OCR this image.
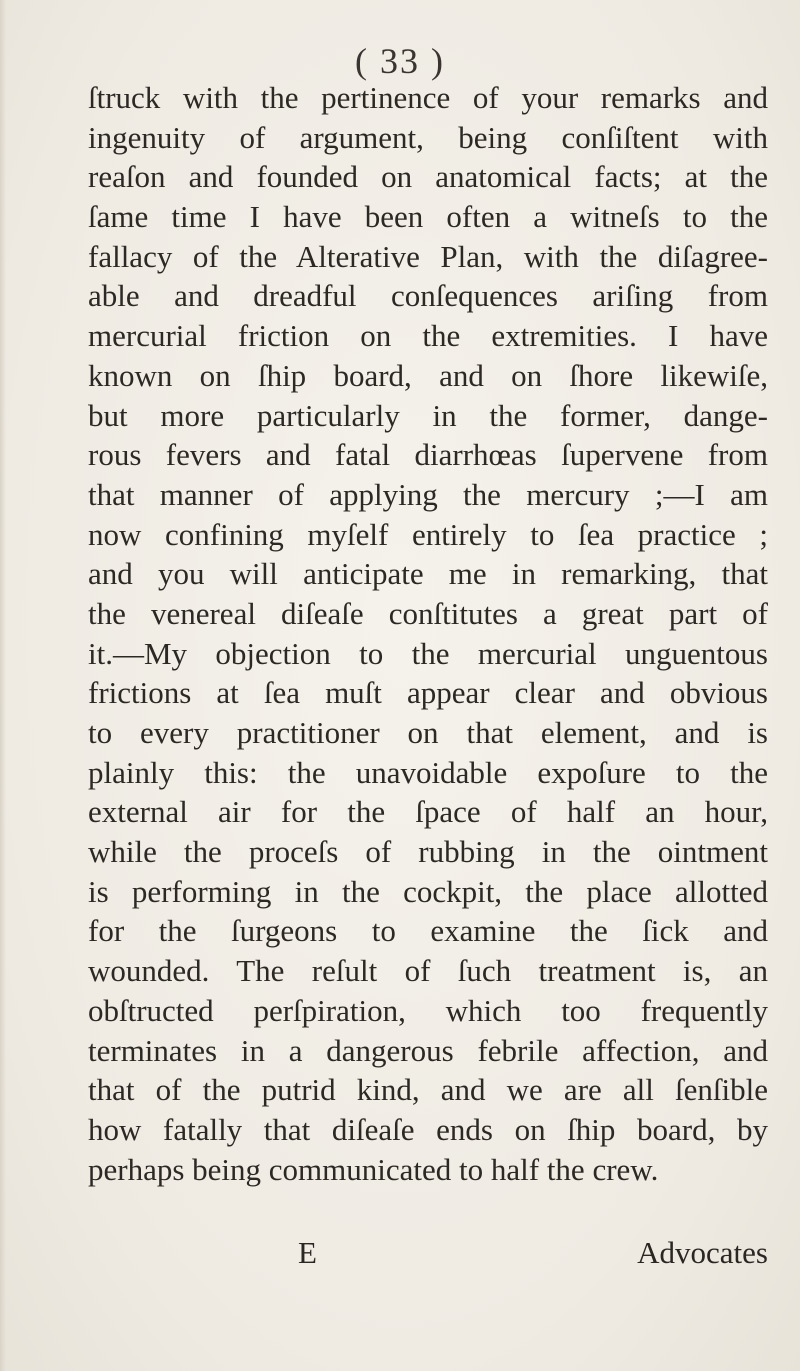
( 33 )
ſtruck with the pertinence of your remarks and
ingenuity of argument, being conſiſtent with
reaſon and founded on anatomical facts; at the
ſame time I have been often a witneſs to the
fallacy of the Alterative Plan, with the diſagree-
able and dreadful conſequences ariſing from
mercurial friction on the extremities. I have
known on ſhip board, and on ſhore likewiſe,
but more particularly in the former, dange-
rous fevers and fatal diarrhœas ſupervene from
that manner of applying the mercury ;—I am
now confining myſelf entirely to ſea practice ;
and you will anticipate me in remarking, that
the venereal diſeaſe conſtitutes a great part of
it.—My objection to the mercurial unguentous
frictions at ſea muſt appear clear and obvious
to every practitioner on that element, and is
plainly this: the unavoidable expoſure to the
external air for the ſpace of half an hour,
while the proceſs of rubbing in the ointment
is performing in the cockpit, the place allotted
for the ſurgeons to examine the ſick and
wounded. The reſult of ſuch treatment is, an
obſtructed perſpiration, which too frequently
terminates in a dangerous febrile affection, and
that of the putrid kind, and we are all ſenſible
how fatally that diſeaſe ends on ſhip board, by
perhaps being communicated to half the crew.
E	Advocates
